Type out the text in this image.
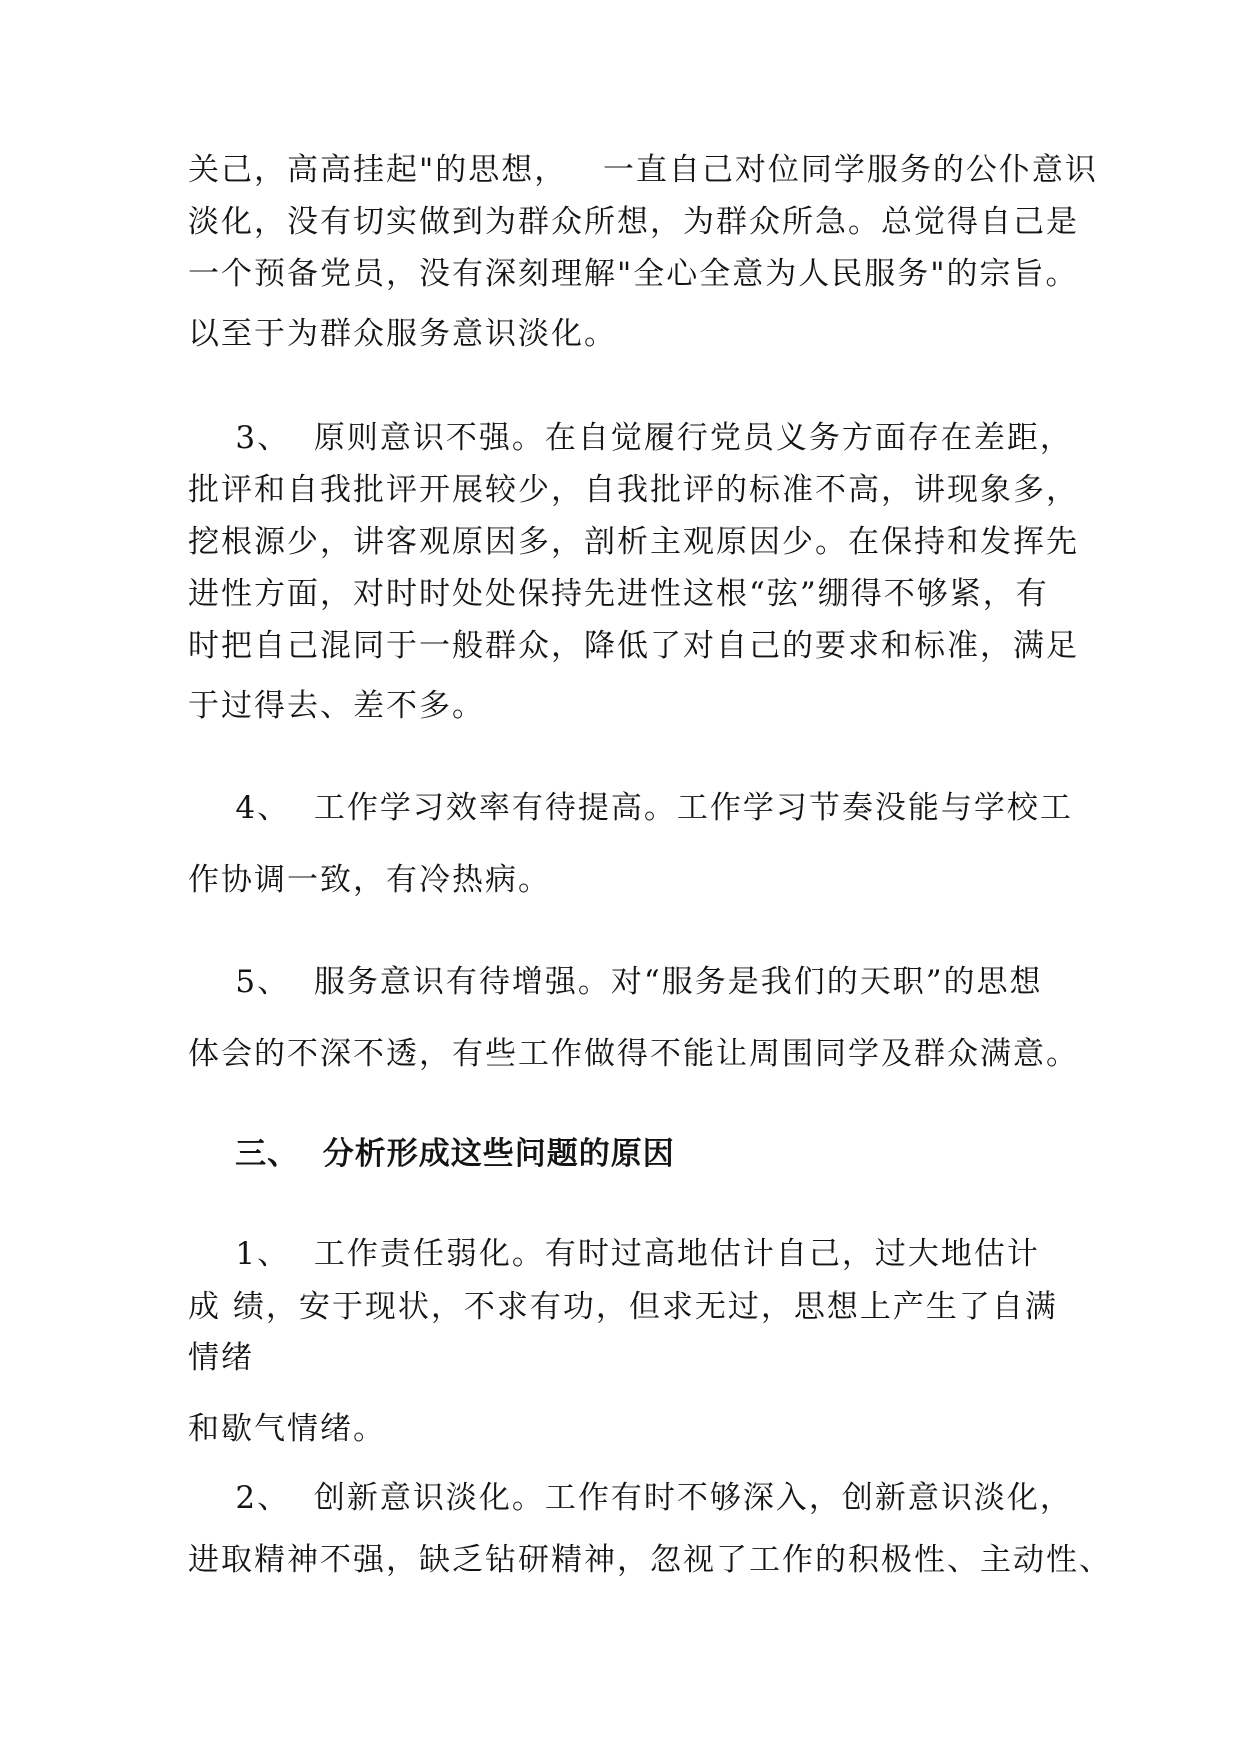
关己，高高挂起"的思想，   一直自己对位同学服务的公仆意识
淡化，没有切实做到为群众所想，为群众所急。总觉得自己是
一个预备党员，没有深刻理解"全心全意为人民服务"的宗旨。
以至于为群众服务意识淡化。
3、  原则意识不强。在自觉履行党员义务方面存在差距，
批评和自我批评开展较少，自我批评的标准不高，讲现象多，
挖根源少，讲客观原因多，剖析主观原因少。在保持和发挥先
进性方面，对时时处处保持先进性这根“弦”绷得不够紧，有
时把自己混同于一般群众，降低了对自己的要求和标准，满足
于过得去、差不多。
4、  工作学习效率有待提高。工作学习节奏没能与学校工
作协调一致，有冷热病。
5、  服务意识有待增强。对“服务是我们的天职”的思想
体会的不深不透，有些工作做得不能让周围同学及群众满意。
三、  分析形成这些问题的原因
1、  工作责任弱化。有时过高地估计自己，过大地估计
成 绩，安于现状，不求有功，但求无过，思想上产生了自满
情绪
和歇气情绪。
2、  创新意识淡化。工作有时不够深入，创新意识淡化，
进取精神不强，缺乏钻研精神，忽视了工作的积极性、主动性、
